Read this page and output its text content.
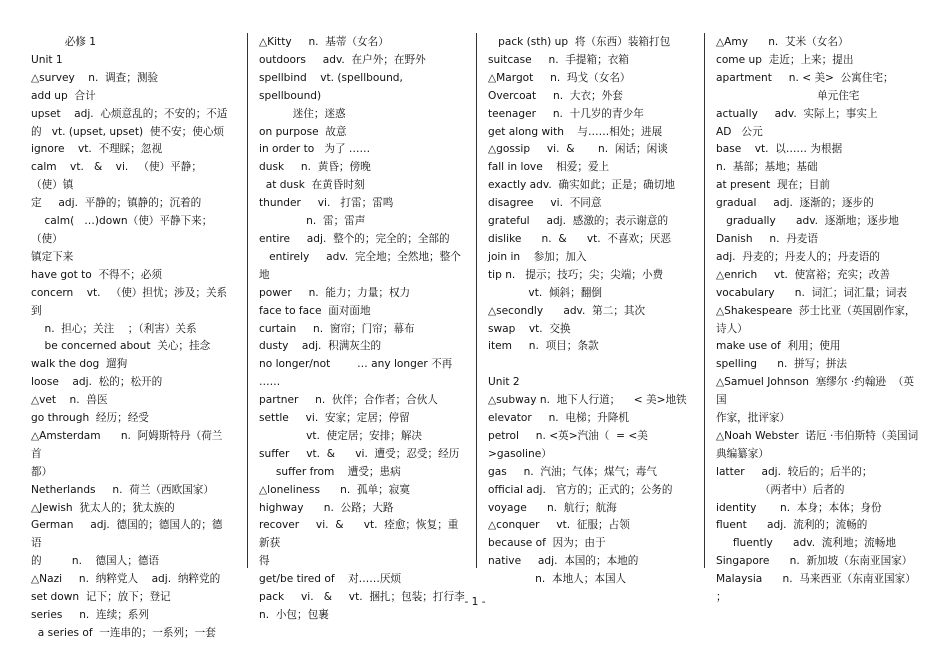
必修 1

Unit 1

△survey    n.  调查；测验

add up  合计

upset    adj.  心烦意乱的；不安的；不适

的   vt. (upset, upset)  使不安；使心烦

ignore    vt.  不理睬；忽视

calm    vt.   &    vi.   （使）平静；  （使）镇

定     adj.  平静的；镇静的；沉着的

calm(   …)down（使）平静下来；   （使）

镇定下来

have got to  不得不；必须

concern    vt.   （使）担忧；涉及；关系

到

n.  担心；关注    ；（利害）关系

be concerned about  关心；挂念

walk the dog  遛狗

loose    adj.  松的；松开的

△vet    n.  兽医

go through  经历；经受

△Amsterdam      n.  阿姆斯特丹（荷兰首

都）

Netherlands     n.  荷兰（西欧国家）

△Jewish  犹太人的；犹太族的

German     adj.  德国的；德国人的；德语

的         n.    德国人；德语

△Nazi     n.  纳粹党人    adj.  纳粹党的

set down  记下；放下；登记

series     n.  连续；系列

a series of  一连串的；一系列；一套

△Kitty     n.  基蒂（女名）

outdoors     adv.  在户外；在野外

spellbind    vt. (spellbound, spellbound)

迷住；迷惑

on purpose  故意

in order to   为了 ……

dusk     n.  黄昏；傍晚

at dusk  在黄昏时刻

thunder     vi.   打雷；雷鸣

n.  雷；雷声

entire     adj.  整个的；完全的；全部的

entirely     adv.  完全地；全然地；整个

地

power     n.  能力；力量；权力

face to face  面对面地

curtain     n.  窗帘；门帘；幕布

dusty    adj.  积满灰尘的

no longer/not        … any longer 不再 ……

partner     n.  伙伴；合作者；合伙人

settle     vi.  安家；定居；停留

vt.  使定居；安排；解决

suffer     vt.  &      vi.  遭受；忍受；经历

suffer from    遭受；患病

△loneliness      n.  孤单；寂寞

highway      n.  公路；大路

recover     vi.  &      vt.  痊愈；恢复；重新获

得

get/be tired of    对……厌烦

pack     vi.   &     vt.  捆扎；包装；打行李

n.  小包；包裹

pack (sth) up  将（东西）装箱打包

suitcase     n.  手提箱；衣箱

△Margot     n.  玛戈（女名）

Overcoat     n.  大衣；外套

teenager     n.  十几岁的青少年

get along with    与……相处；进展

△gossip     vi.  &       n.  闲话；闲谈

fall in love    相爱；爱上

exactly adv.  确实如此；正是；确切地

disagree     vi.  不同意

grateful     adj.  感激的；表示谢意的

dislike      n.  &      vt.  不喜欢；厌恶

join in    参加；加入

tip n.   提示；技巧；尖；尖端；小费

vt.  倾斜；翻倒

△secondly      adv.  第二；其次

swap    vt.  交换

item     n.  项目；条款

Unit 2

△subway n.  地下人行道；    < 美>地铁

elevator     n.  电梯；升降机

petrol     n. <英>汽油（  = <美>gasoline）

gas     n.  汽油；气体；煤气；毒气

official adj.   官方的；正式的；公务的

voyage      n.  航行；航海

△conquer     vt.  征服；占领

because of  因为；由于

native     adj.  本国的；本地的

n.  本地人；本国人

△Amy      n.  艾米（女名）

come up  走近；上来；提出

apartment     n. < 美>  公寓住宅；

单元住宅

actually     adv.  实际上；事实上

AD   公元

base    vt.  以…… 为根据

n.  基部；基地；基础

at present  现在；目前

gradual     adj.  逐渐的；逐步的

gradually      adv.  逐渐地；逐步地

Danish     n.  丹麦语

adj.  丹麦的；丹麦人的；丹麦语的

△enrich     vt.  使富裕；充实；改善

vocabulary      n.  词汇；词汇量；词表

△Shakespeare  莎士比亚（英国剧作家，

诗人）

make use of  利用；使用

spelling      n.  拼写；拼法

△Samuel Johnson  塞缪尔 ·约翰逊  （英国

作家，批评家）

△Noah Webster  诺厄 ·韦伯斯特（美国词

典编纂家）

latter     adj.  较后的；后半的；

（两者中）后者的

identity       n.  本身；本体；身份

fluent      adj.  流利的；流畅的

fluently      adv.  流利地；流畅地

Singapore      n.  新加坡（东南亚国家）

Malaysia      n.  马来西亚（东南亚国家）    ；

- 1 -
